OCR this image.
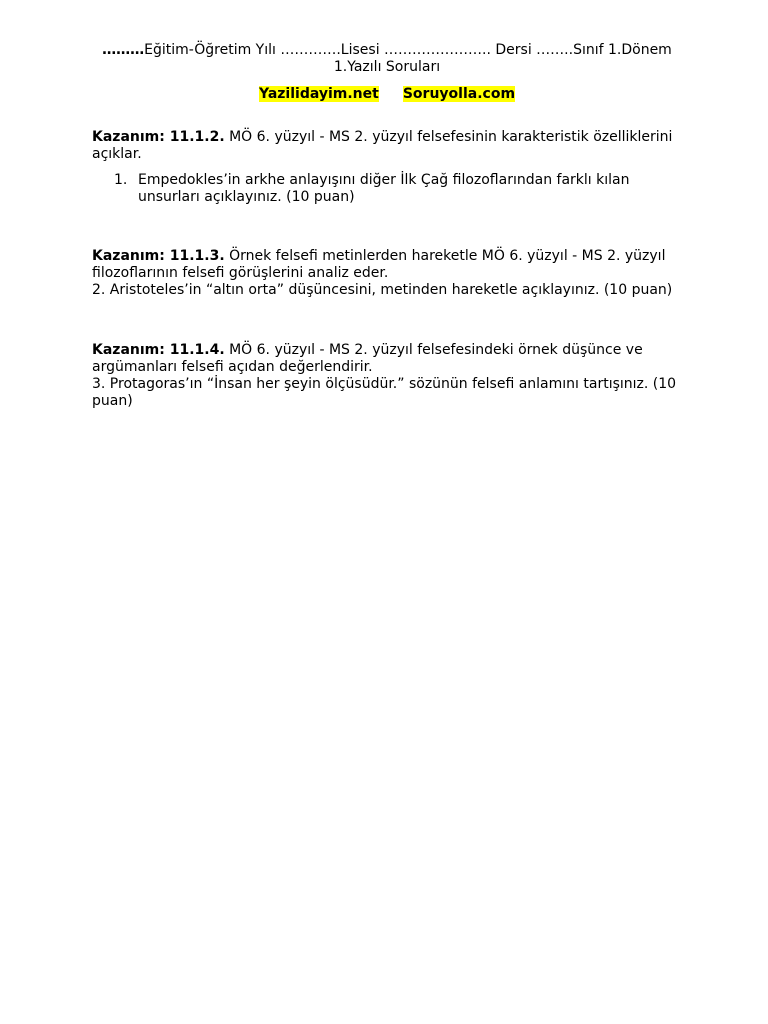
………Eğitim-Öğretim Yılı ………….Lisesi ………………….. Dersi ……..Sınıf 1.Dönem
1.Yazılı Soruları
Yazilidayim.net Soruyolla.com
Kazanım: 11.1.2. MÖ 6. yüzyıl - MS 2. yüzyıl felsefesinin karakteristik özelliklerini açıklar.
1. Empedokles’in arkhe anlayışını diğer İlk Çağ filozoflarından farklı kılan unsurları açıklayınız. (10 puan)
Kazanım: 11.1.3. Örnek felsefi metinlerden hareketle MÖ 6. yüzyıl - MS 2. yüzyıl filozoflarının felsefi görüşlerini analiz eder.
2. Aristoteles’in “altın orta” düşüncesini, metinden hareketle açıklayınız. (10 puan)
Kazanım: 11.1.4. MÖ 6. yüzyıl - MS 2. yüzyıl felsefesindeki örnek düşünce ve argümanları felsefi açıdan değerlendirir.
3. Protagoras’ın “İnsan her şeyin ölçüsüdür.” sözünün felsefi anlamını tartışınız. (10 puan)
